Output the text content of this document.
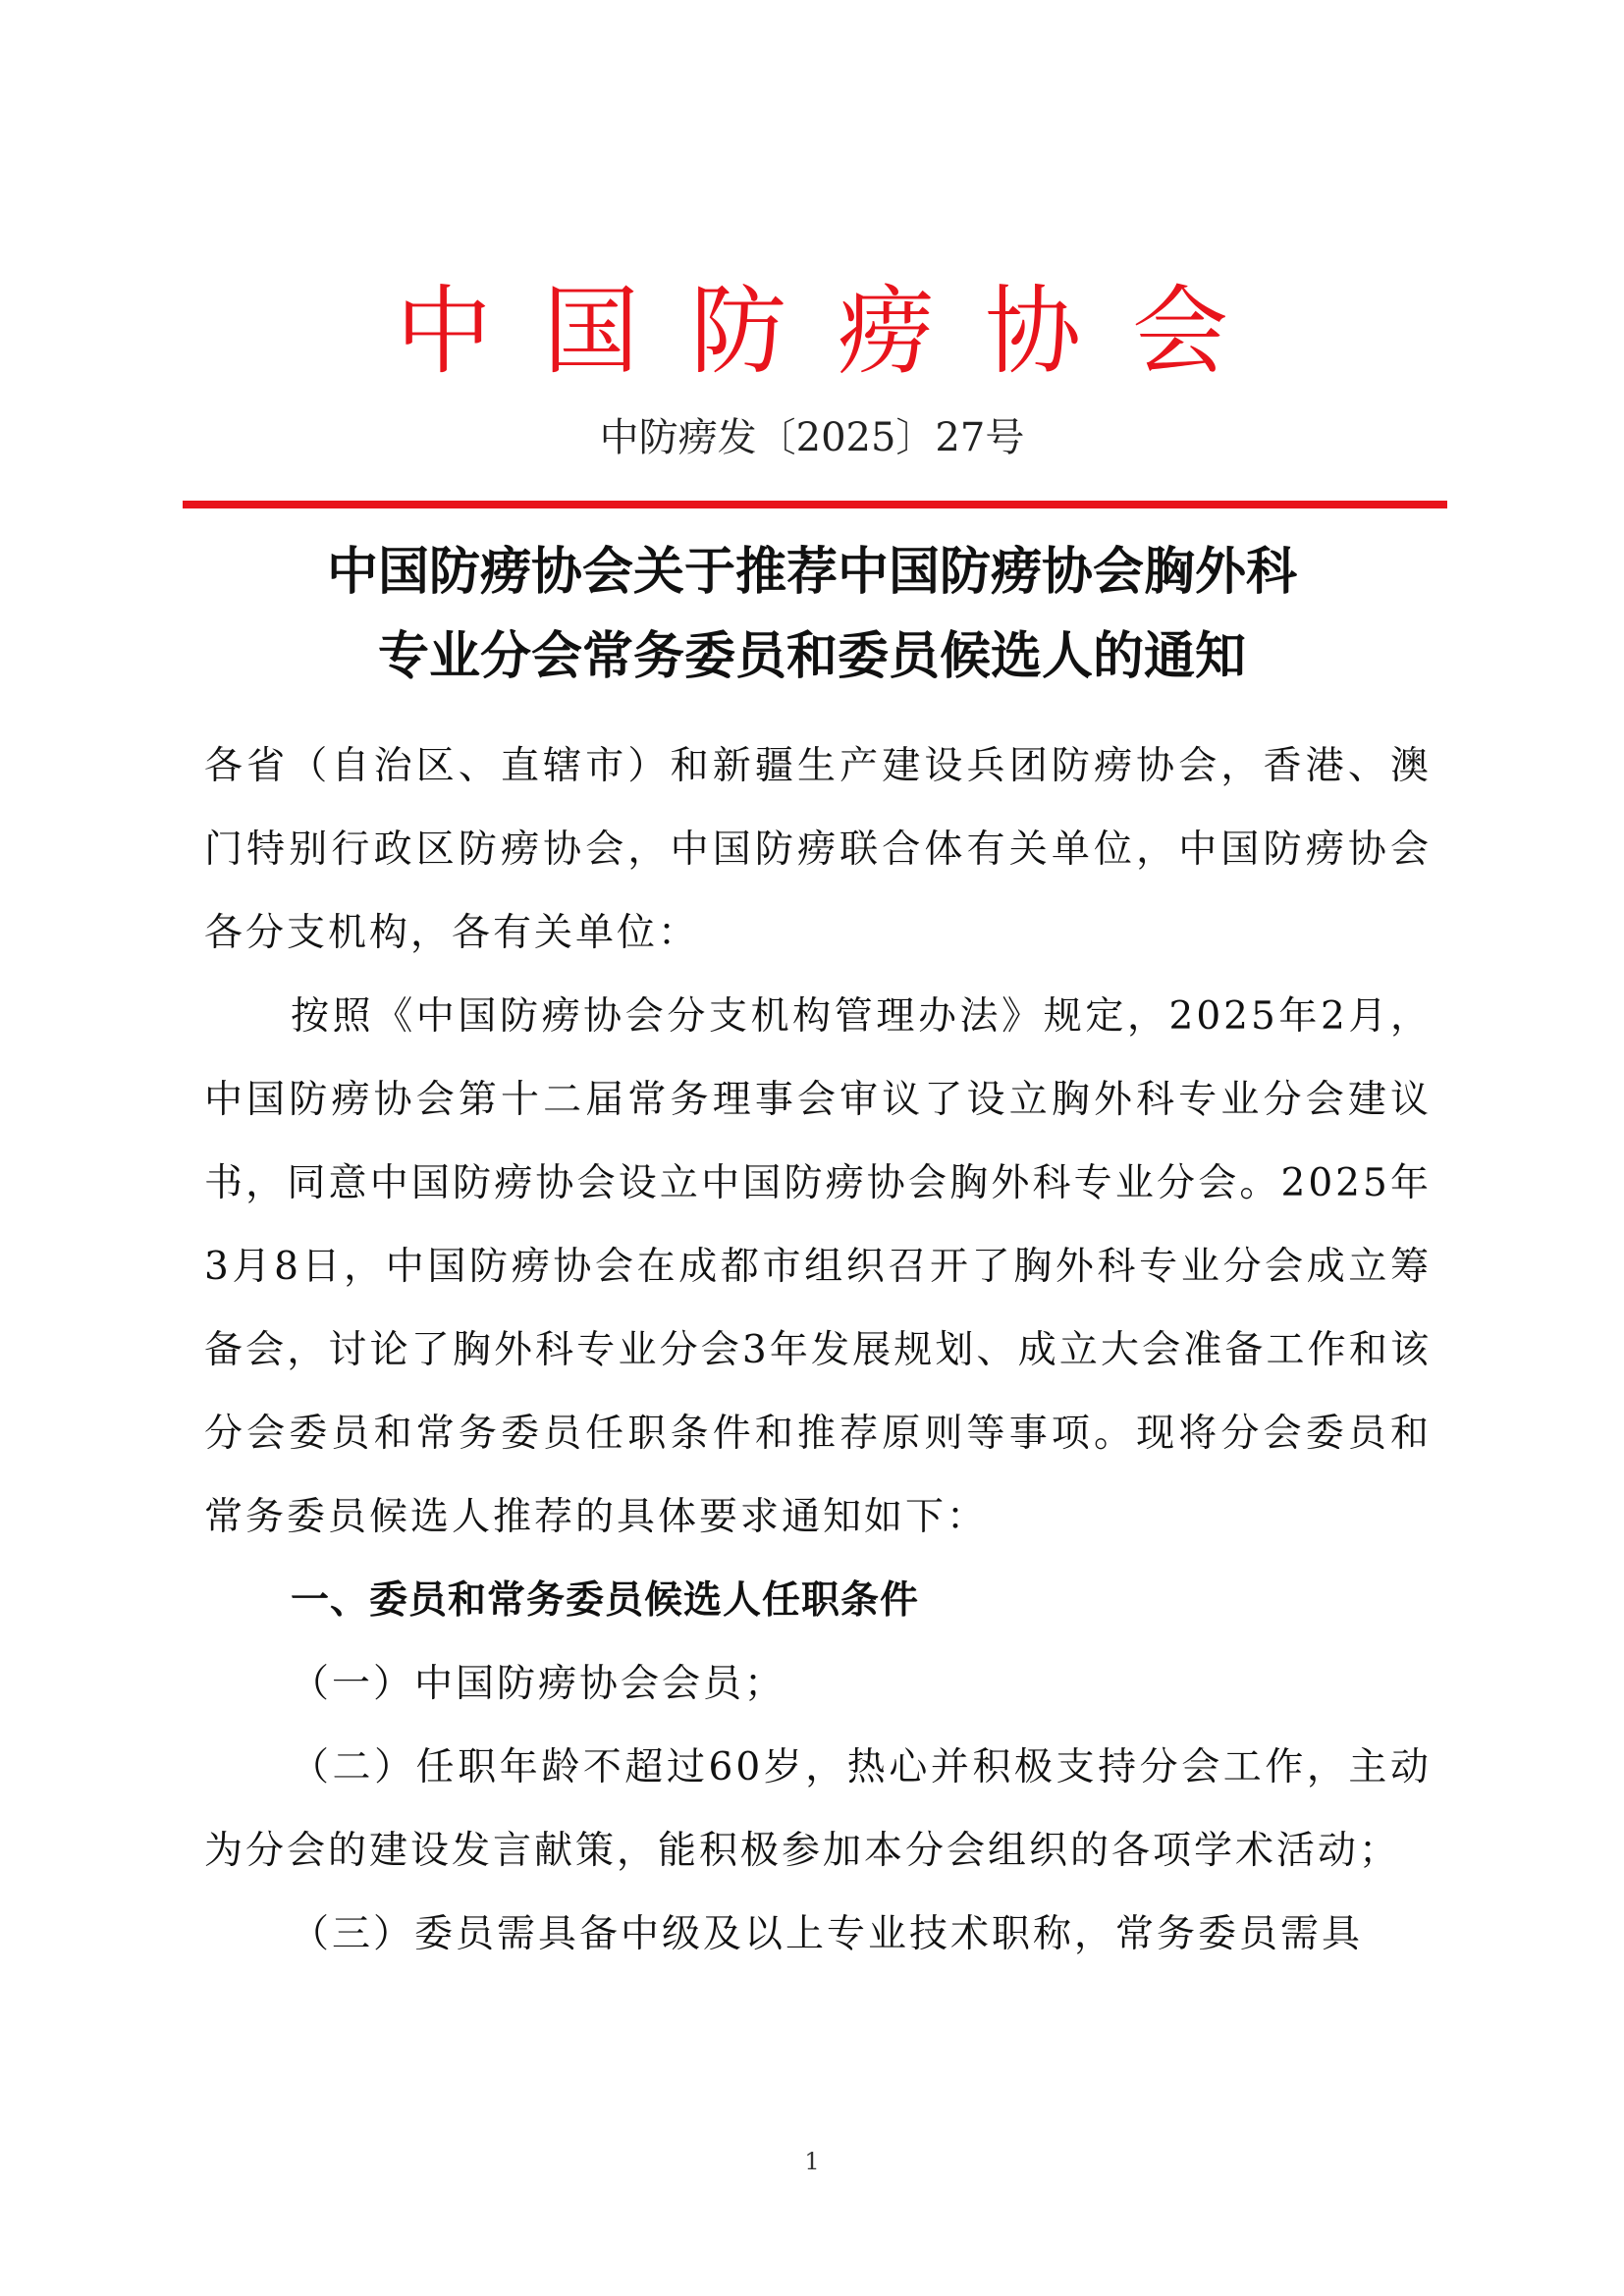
中国防痨协会
中防痨发〔2025〕27号
中国防痨协会关于推荐中国防痨协会胸外科
专业分会常务委员和委员候选人的通知

各省（自治区、直辖市）和新疆生产建设兵团防痨协会，香港、澳门特别行政区防痨协会，中国防痨联合体有关单位，中国防痨协会各分支机构，各有关单位：

按照《中国防痨协会分支机构管理办法》规定，2025年2月，中国防痨协会第十二届常务理事会审议了设立胸外科专业分会建议书，同意中国防痨协会设立中国防痨协会胸外科专业分会。2025年3月8日，中国防痨协会在成都市组织召开了胸外科专业分会成立筹备会，讨论了胸外科专业分会3年发展规划、成立大会准备工作和该分会委员和常务委员任职条件和推荐原则等事项。现将分会委员和常务委员候选人推荐的具体要求通知如下：

一、委员和常务委员候选人任职条件

（一）中国防痨协会会员；

（二）任职年龄不超过60岁，热心并积极支持分会工作，主动为分会的建设发言献策，能积极参加本分会组织的各项学术活动；

（三）委员需具备中级及以上专业技术职称，常务委员需具

1
